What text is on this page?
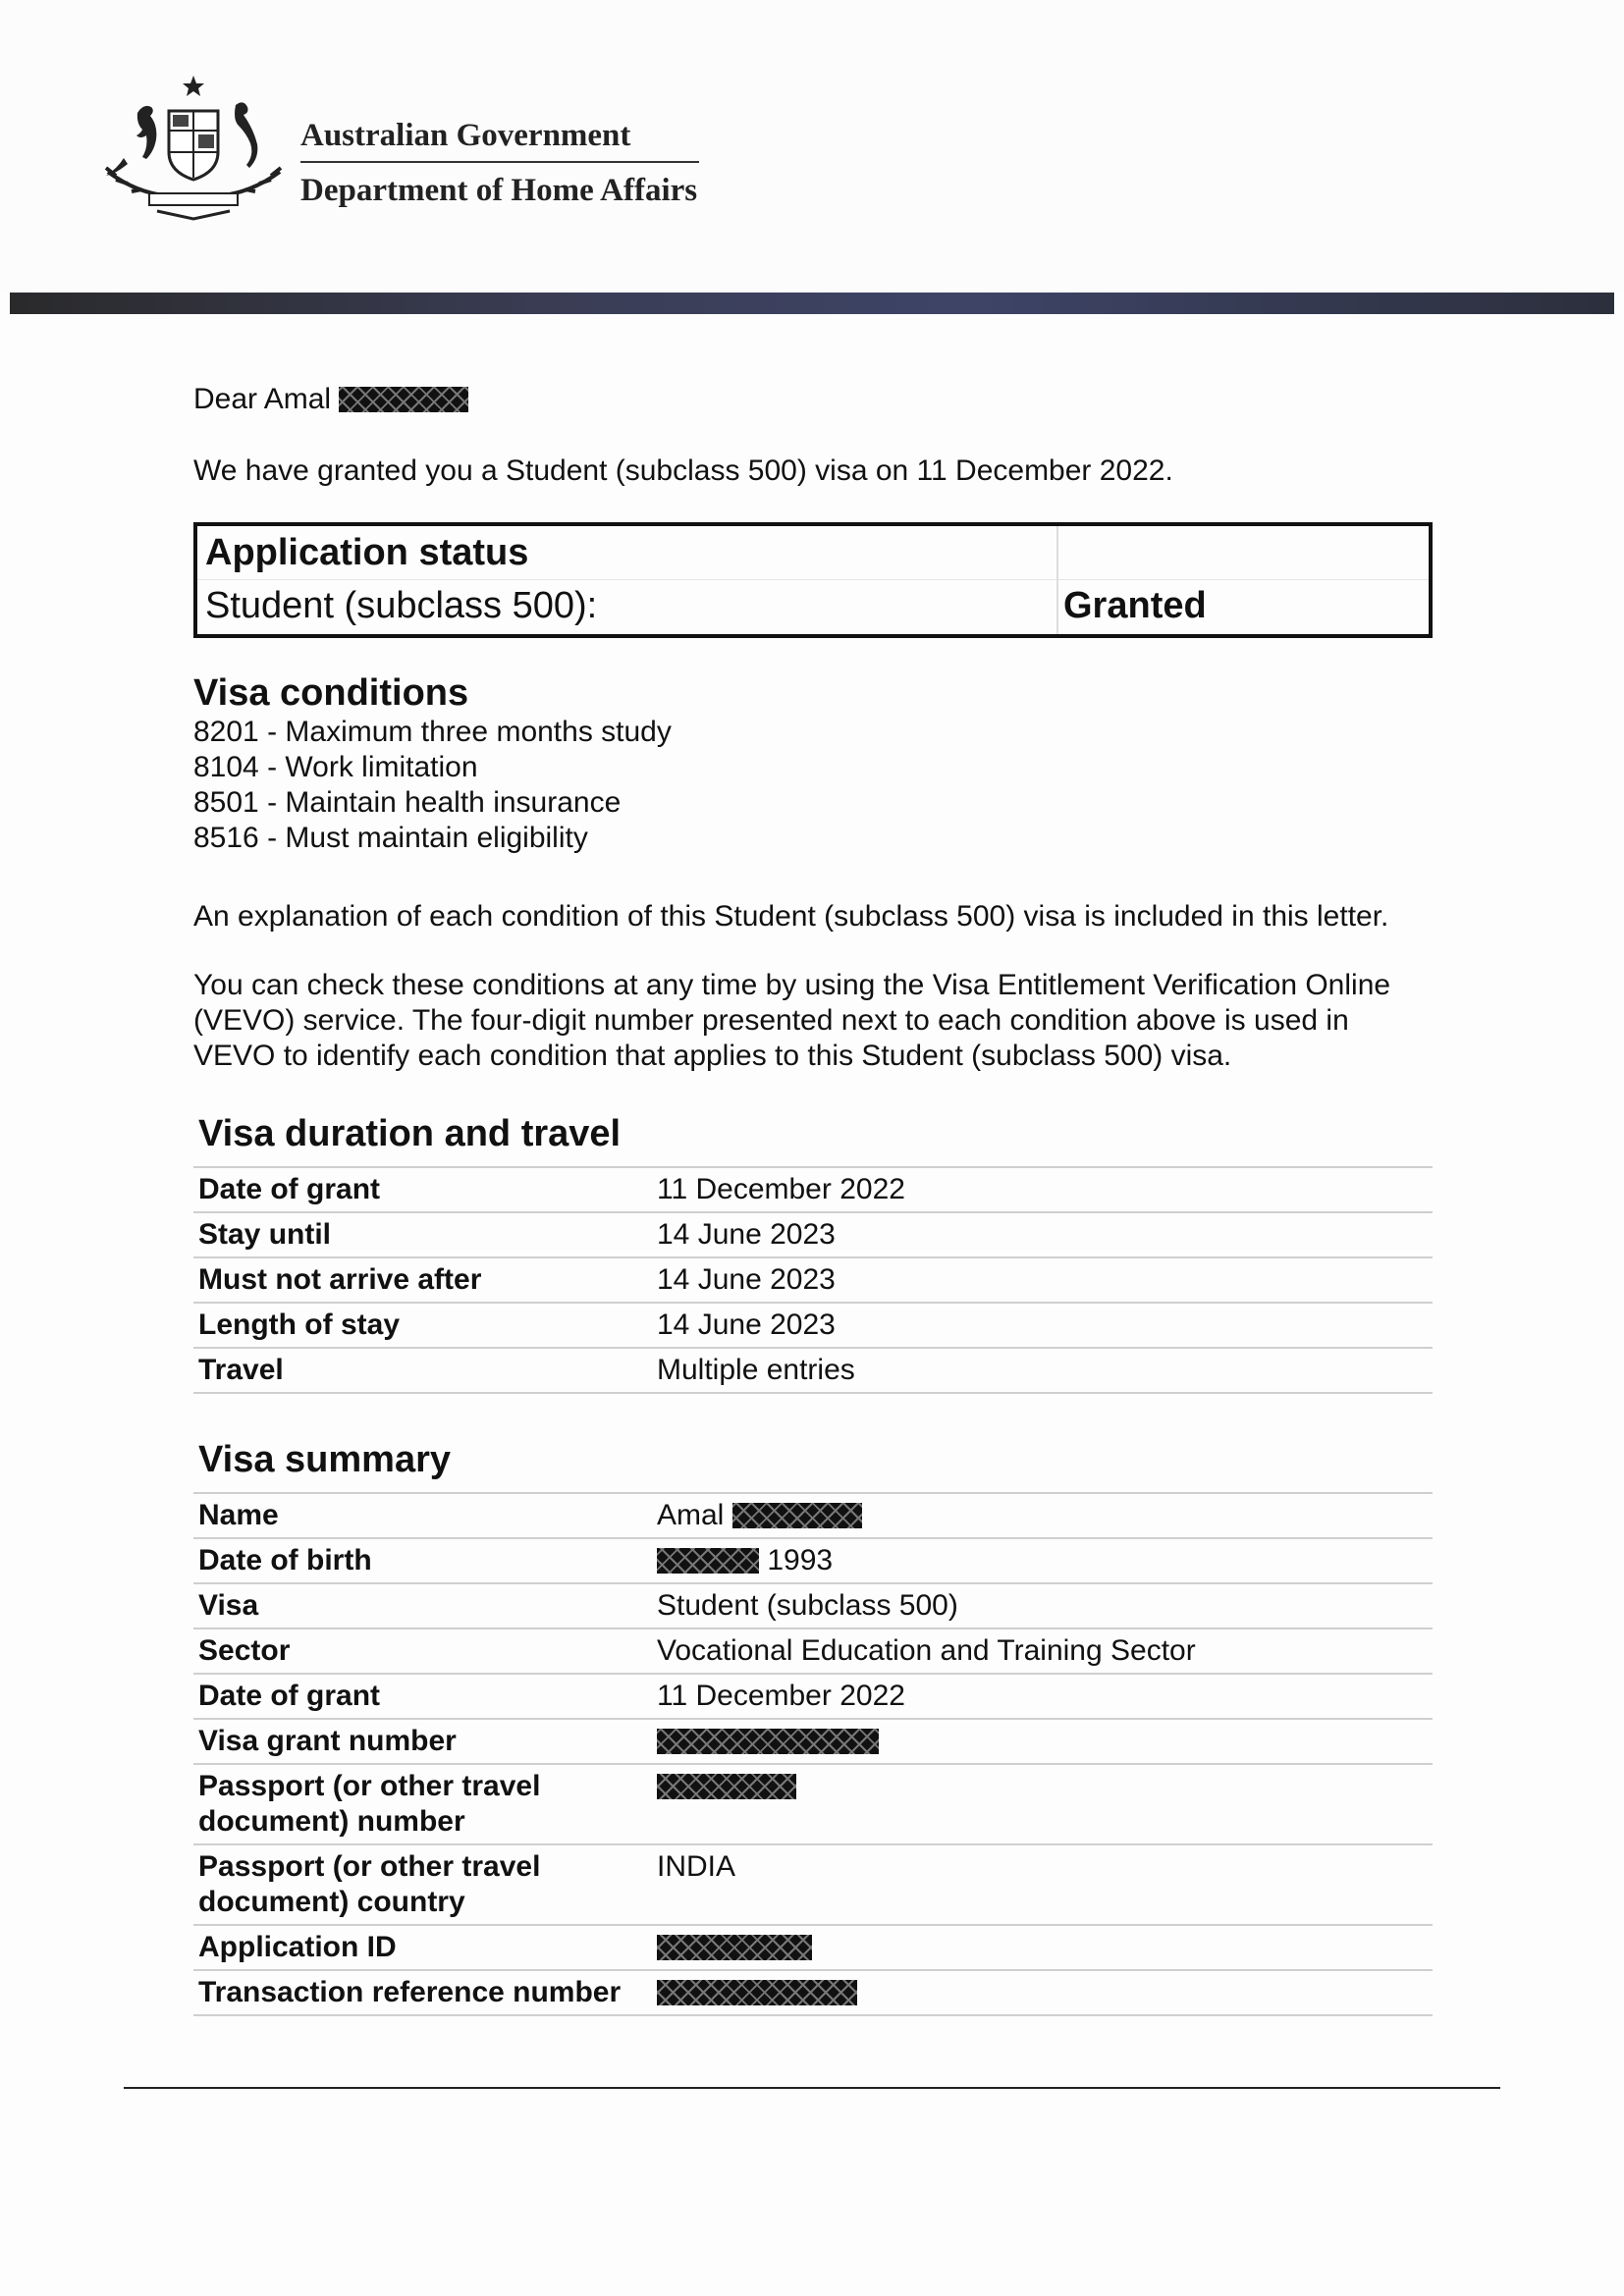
Australian Government
Department of Home Affairs
Dear Amal

We have granted you a Student (subclass 500) visa on 11 December 2022.

Application status
Student (subclass 500):	Granted

Visa conditions

8201 - Maximum three months study

8104 - Work limitation

8501 - Maintain health insurance

8516 - Must maintain eligibility

An explanation of each condition of this Student (subclass 500) visa is included in this letter.

You can check these conditions at any time by using the Visa Entitlement Verification Online

(VEVO) service. The four-digit number presented next to each condition above is used in

VEVO to identify each condition that applies to this Student (subclass 500) visa.

Visa duration and travel

Date of grant	11 December 2022
Stay until	14 June 2023
Must not arrive after	14 June 2023
Length of stay	14 June 2023
Travel	Multiple entries

Visa summary

Name	Amal
Date of birth	1993
Visa	Student (subclass 500)
Sector	Vocational Education and Training Sector
Date of grant	11 December 2022
Visa grant number	
Passport (or other travel document) number	
Passport (or other travel document) country	INDIA
Application ID	
Transaction reference number	
